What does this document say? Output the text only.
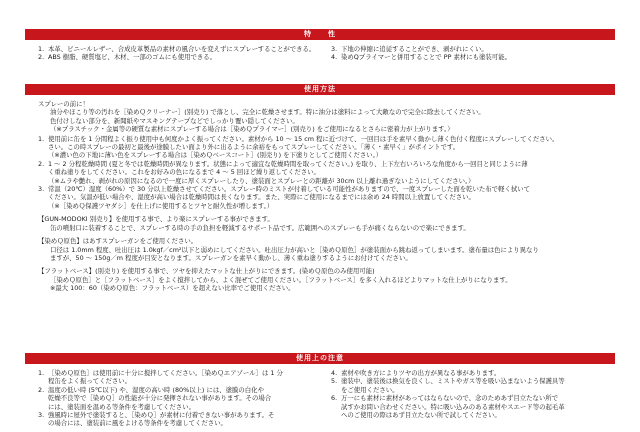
特　　性
1. 本革、ビニールレザー、合成皮革製品の素材の風合いを変えずにスプレーすることができる。
2. ABS 樹脂、硬質塩ビ、木材、一部のゴムにも使用できる。
3. 下地の伸縮に追従することができ、剥がれにくい。
4. 染めQプライマーと併用することで PP 素材にも塗装可能。
使用方法
スプレーの前に！
油分やほこり等の汚れを［染めＱクリーナー］(別売り) で落とし、完全に乾燥させます。特に油分は塗料によって大敵なので完全に除去してください。
色付けしない部分を、新聞紙やマスキングテープなどでしっかり覆い隠してください。
（※プラスチック・金属等の硬質な素材にスプレーする場合は［染めＱプライマー］(別売り) をご使用になるとさらに密着力が上がります。）
1. 使用前に缶を 1 分間程よく振り使用中も何度かよく振ってください。素材から 10 〜 15 cm 程に近づけて、一回目は手を素早く動かし薄く色付く程度にスプレーしてください。
さい。この時スプレーの最初と最後が途膜したい面より外に出るように余裕をもってスプレーしてください。「薄く・素早く」がポイントです。
（※濃い色の下地に薄い色をスプレーする場合は［染めＱベースコート］(別売り) を下塗りとしてご使用ください。）
2. 1 〜 2 分程乾燥時間 (夏と冬では乾燥時間が異なります。状態によって適宜な乾燥時間を取ってください。) を取り、上下左右いろいろな角度から一回目と同じように薄
く重ね塗りをしてください。これをお好みの色になるまで 4 〜 5 回ほど繰り返してください。
（※ムラや艶れ、剥がれの原因になるので一度に厚くスプレーしたり、塗装面とスプレーとの距離が 30cm 以上離れ過ぎないようにしてください。）
3. 常温（20℃）湿度（60%）で 30 分以上乾燥させてください。スプレー時のミストが付着している可能性がありますので、一度スプレーした面を乾いた布で軽く拭いて
ください。気温が低い場合や、湿度が高い場合は乾燥時間は長くなります。また、実際にご使用になるまでには余め 24 時間以上放置してください。
（※［染めＱ保護ツヤダシ］を仕上げに使用するとツヤと耐久性が増します。）
【GUN-MODOKI 別売り】を使用する事で、より楽にスプレーする事ができます。
缶の噴射口に装着することで、スプレーする時の手の負担を軽減するサポート品です。広範囲へのスプレーも手が痛くならないので楽にできます。
【染めＱ原色】はあすスプレーガンをご使用ください。
口径は 1.0mm 程度、吐出圧は 1.0kgf／cm²以下と弱めにしてください。吐出圧力が高いと［染めＱ原色］が塗装面から跳ね返ってしまいます。塗布量は色により異なり
ますが、50 〜 150g／m 程度が目安となります。スプレーガンを素早く動かし、薄く重ね塗りするようにお付けてください。
【フラットベース】(別売り) を使用する事で、ツヤを抑えたマットな仕上がりにできます。(染めＱ原色のみ使用可能)
［染めＱ原色］と［フラットベース］をよく撹拌してから、よく混ぜてご使用ください。［フラットベース］を多く入れるほどよりマットな仕上がりになります。
※最大 100：60（染めＱ原色：フラットベース）を超えない比率でご使用ください。
使用上の注意
1. ［染めＱ原色］は使用前に十分に撹拌してください。［染めＱエアゾール］は 1 分
程缶をよく振ってください。
2. 温度の低い時 (5℃以下) や、湿度の高い時 (80%以上) には、塗膜の白化や
乾燥不良等で［染めＱ］の性能が十分に発揮されない事があります。その場合
には、塗装面を温める等条件を考慮してください。
3. 強風時に屋外で塗装すると、［染めＱ］が素材に付着できない事があります。そ
の場合には、塗装前に風をよける等条件を考慮してください。
4. 素材や吹き方によりツヤの出方が異なる事があります。
5. 塗装中、塗装後は換気を良くし、ミストやガス等を吸い込まないよう保護具等
をご使用ください。
6. 万一にも素材に素材があってはならないので、念のためあず目立たない所で
試すかお問い合わせください。特に吸い込みのある素材やスエード等の起毛革
へのご使用の際はあず目立たない所で試してください。
